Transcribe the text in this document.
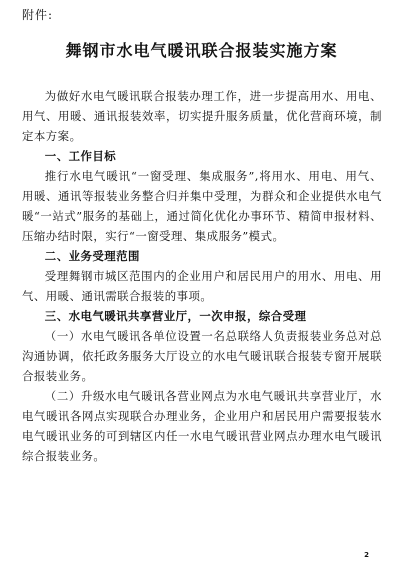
附件:
舞钢市水电气暖讯联合报装实施方案

为做好水电气暖讯联合报装办理工作，进一步提高用水、用电、用气、用暖、通讯报装效率，切实提升服务质量，优化营商环境，制定本方案。

一、工作目标

推行水电气暖讯“一窗受理、集成服务”,将用水、用电、用气、用暖、通讯等报装业务整合归并集中受理，为群众和企业提供水电气暖“一站式”服务的基础上，通过简化优化办事环节、精简申报材料、压缩办结时限，实行“一窗受理、集成服务”模式。

二、业务受理范围

受理舞钢市城区范围内的企业用户和居民用户的用水、用电、用气、用暖、通讯需联合报装的事项。

三、水电气暖讯共享营业厅，一次申报，综合受理

（一）水电气暖讯各单位设置一名总联络人负责报装业务总对总沟通协调，依托政务服务大厅设立的水电气暖讯联合报装专窗开展联合报装业务。

（二）升级水电气暖讯各营业网点为水电气暖讯共享营业厅，水电气暖讯各网点实现联合办理业务，企业用户和居民用户需要报装水电气暖讯业务的可到辖区内任一水电气暖讯营业网点办理水电气暖讯综合报装业务。

2
